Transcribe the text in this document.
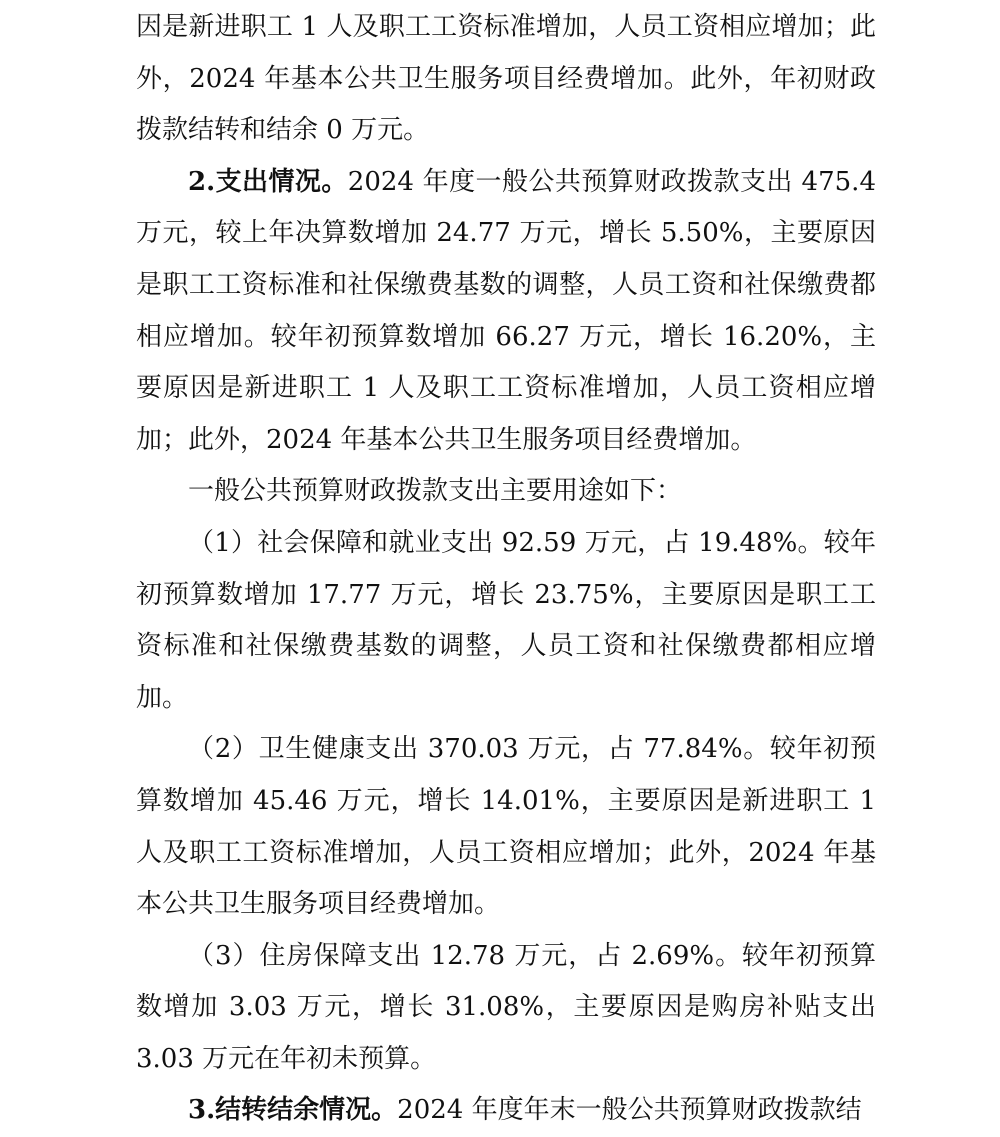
因是新进职工 1 人及职工工资标准增加，人员工资相应增加；此外，2024 年基本公共卫生服务项目经费增加。此外，年初财政拨款结转和结余 0 万元。

2.支出情况。2024 年度一般公共预算财政拨款支出 475.4 万元，较上年决算数增加 24.77 万元，增长 5.50%，主要原因是职工工资标准和社保缴费基数的调整，人员工资和社保缴费都相应增加。较年初预算数增加 66.27 万元，增长 16.20%，主要原因是新进职工 1 人及职工工资标准增加，人员工资相应增加；此外，2024 年基本公共卫生服务项目经费增加。

一般公共预算财政拨款支出主要用途如下：

（1）社会保障和就业支出 92.59 万元，占 19.48%。较年初预算数增加 17.77 万元，增长 23.75%，主要原因是职工工资标准和社保缴费基数的调整，人员工资和社保缴费都相应增加。

（2）卫生健康支出 370.03 万元，占 77.84%。较年初预算数增加 45.46 万元，增长 14.01%，主要原因是新进职工 1 人及职工工资标准增加，人员工资相应增加；此外，2024 年基本公共卫生服务项目经费增加。

（3）住房保障支出 12.78 万元，占 2.69%。较年初预算数增加 3.03 万元，增长 31.08%，主要原因是购房补贴支出 3.03 万元在年初未预算。

3.结转结余情况。2024 年度年末一般公共预算财政拨款结
